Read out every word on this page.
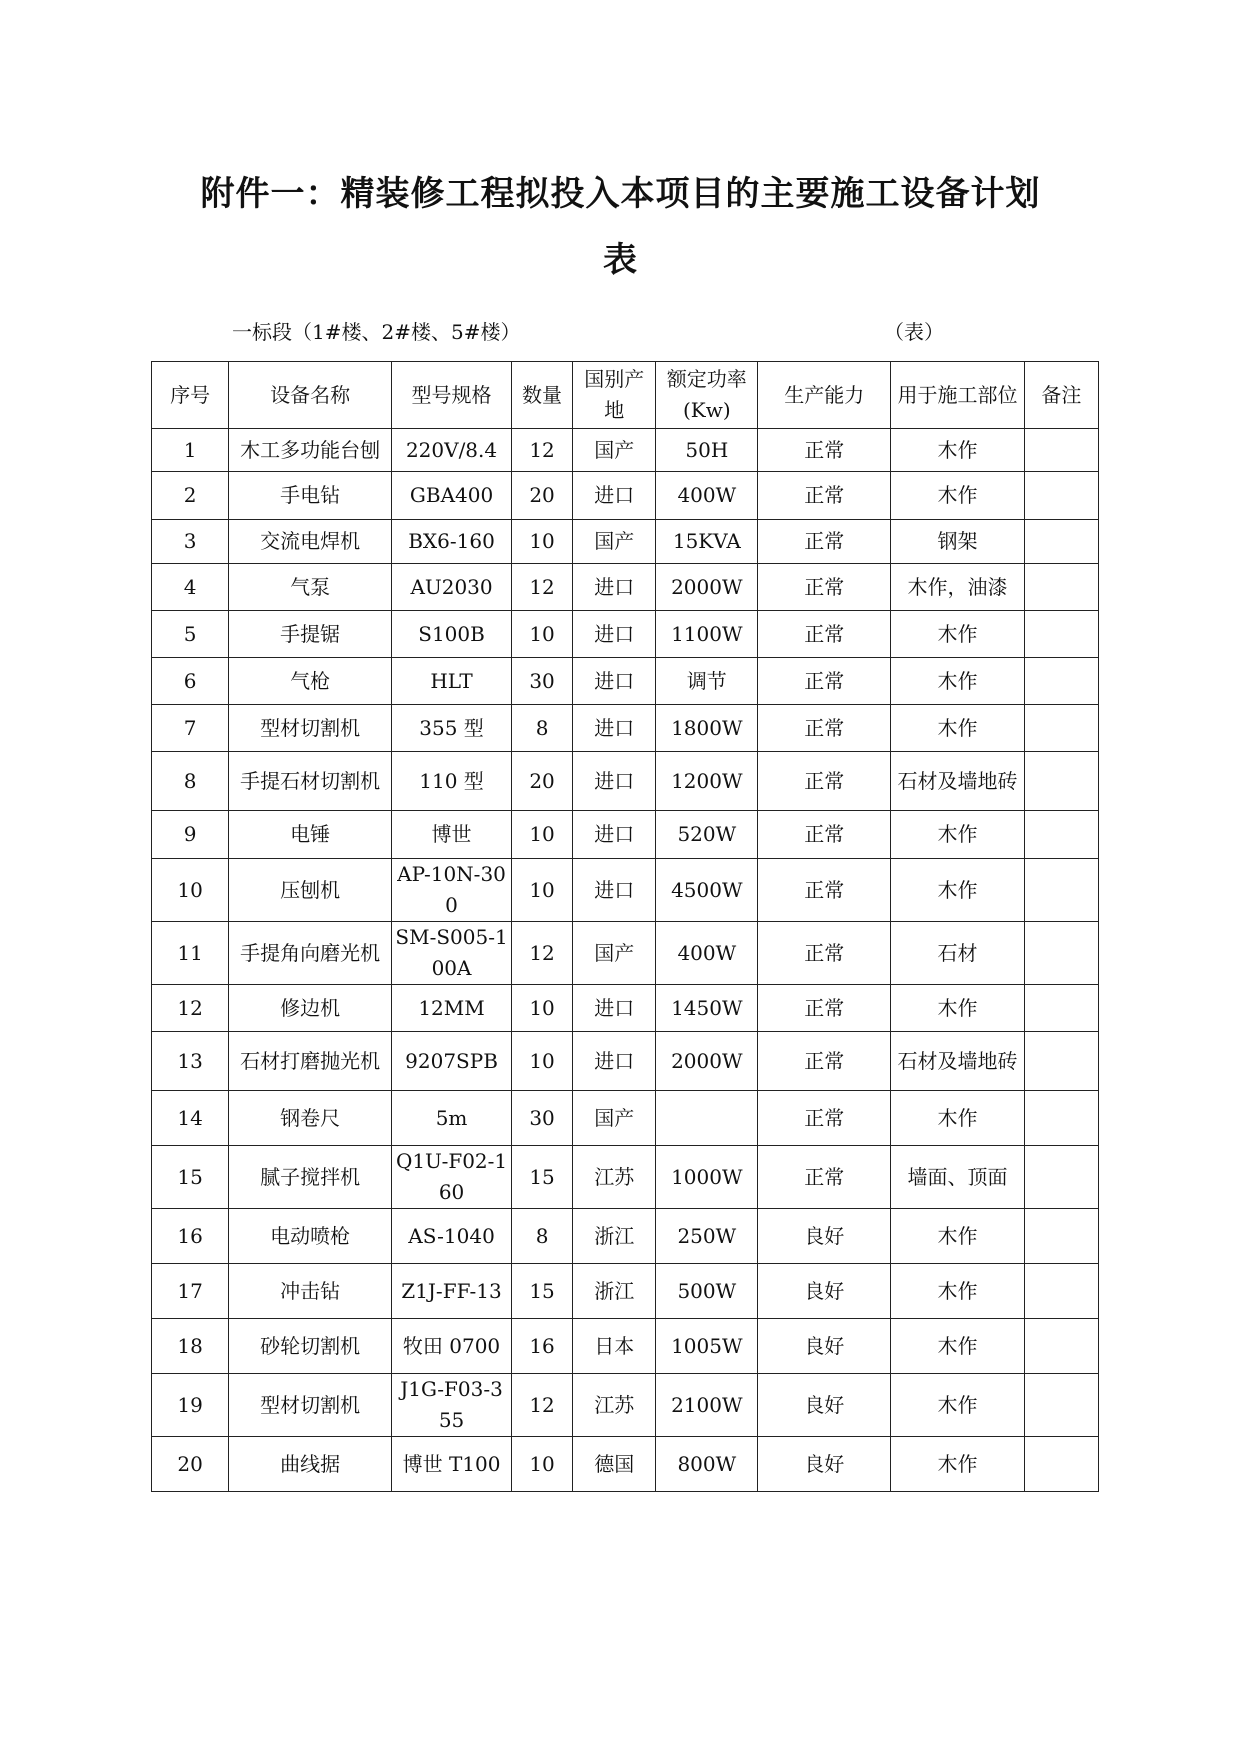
附件一：精装修工程拟投入本项目的主要施工设备计划
表
一标段（1#楼、2#楼、5#楼）	（表）
序号	设备名称	型号规格	数量	国别产地	额定功率(Kw)	生产能力	用于施工部位	备注
1	木工多功能台刨	220V/8.4	12	国产	50H	正常	木作	
2	手电钻	GBA400	20	进口	400W	正常	木作	
3	交流电焊机	BX6-160	10	国产	15KVA	正常	钢架	
4	气泵	AU2030	12	进口	2000W	正常	木作，油漆	
5	手提锯	S100B	10	进口	1100W	正常	木作	
6	气枪	HLT	30	进口	调节	正常	木作	
7	型材切割机	355 型	8	进口	1800W	正常	木作	
8	手提石材切割机	110 型	20	进口	1200W	正常	石材及墙地砖	
9	电锤	博世	10	进口	520W	正常	木作	
10	压刨机	AP-10N-300	10	进口	4500W	正常	木作	
11	手提角向磨光机	SM-S005-100A	12	国产	400W	正常	石材	
12	修边机	12MM	10	进口	1450W	正常	木作	
13	石材打磨抛光机	9207SPB	10	进口	2000W	正常	石材及墙地砖	
14	钢卷尺	5m	30	国产		正常	木作	
15	腻子搅拌机	Q1U-F02-160	15	江苏	1000W	正常	墙面、顶面	
16	电动喷枪	AS-1040	8	浙江	250W	良好	木作	
17	冲击钻	Z1J-FF-13	15	浙江	500W	良好	木作	
18	砂轮切割机	牧田 0700	16	日本	1005W	良好	木作	
19	型材切割机	J1G-F03-355	12	江苏	2100W	良好	木作	
20	曲线据	博世 T100	10	德国	800W	良好	木作	
